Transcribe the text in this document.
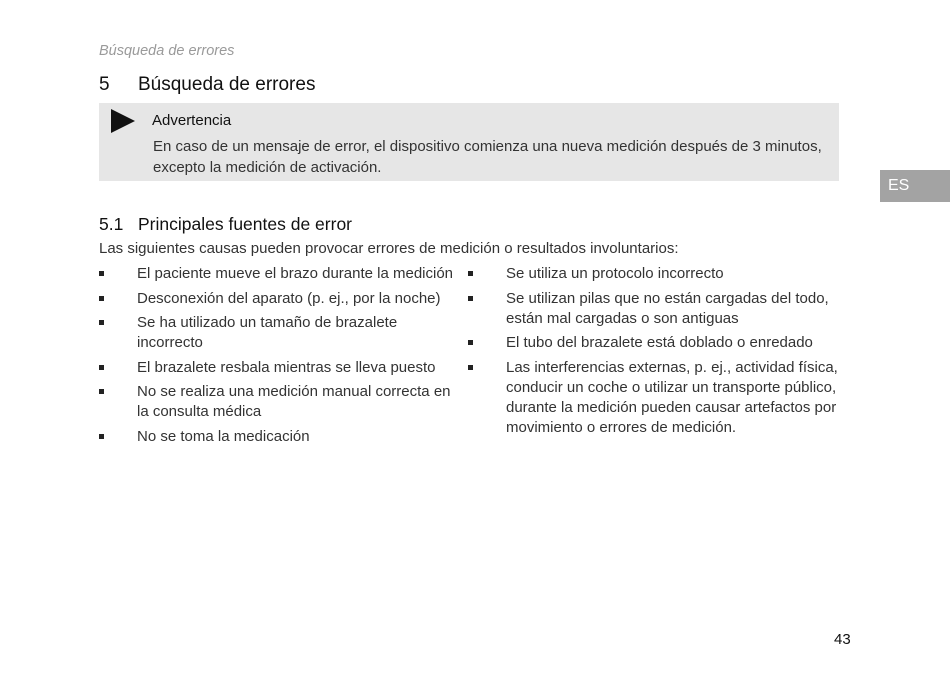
Búsqueda de errores
5	Búsqueda de errores
Advertencia
En caso de un mensaje de error, el dispositivo comienza una nueva medición después de 3 minutos, excepto la medición de activación.
5.1 Principales fuentes de error
Las siguientes causas pueden provocar errores de medición o resultados involuntarios:
El paciente mueve el brazo durante la medición
Desconexión del aparato (p. ej., por la noche)
Se ha utilizado un tamaño de brazalete incorrecto
El brazalete resbala mientras se lleva puesto
No se realiza una medición manual correcta en la consulta médica
No se toma la medicación
Se utiliza un protocolo incorrecto
Se utilizan pilas que no están cargadas del todo, están mal cargadas o son antiguas
El tubo del brazalete está doblado o enredado
Las interferencias externas, p. ej., actividad física, conducir un coche o utilizar un transporte público, durante la medición pueden causar artefactos por movimiento o errores de medición.
ES
43
